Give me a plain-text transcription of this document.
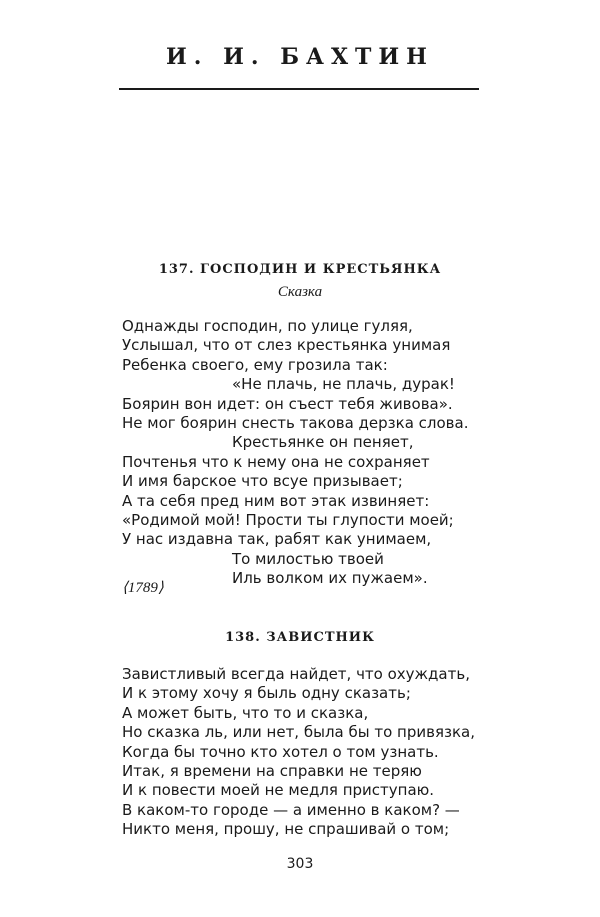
И. И. БАХТИН
137. ГОСПОДИН И КРЕСТЬЯНКА
Сказка
Однажды господин, по улице гуляя,
Услышал, что от слез крестьянка унимая
Ребенка своего, ему грозила так:
«Не плачь, не плачь, дурак!
Боярин вон идет: он съест тебя живова».
Не мог боярин снесть такова дерзка слова.
Крестьянке он пеняет,
Почтенья что к нему она не сохраняет
И имя барское что всуе призывает;
А та себя пред ним вот этак извиняет:
«Родимой мой! Прости ты глупости моей;
У нас издавна так, рабят как унимаем,
То милостью твоей
Иль волком их пужаем».
⟨1789⟩
138. ЗАВИСТНИК
Завистливый всегда найдет, что охуждать,
И к этому хочу я быль одну сказать;
А может быть, что то и сказка,
Но сказка ль, или нет, была бы то привязка,
Когда бы точно кто хотел о том узнать.
Итак, я времени на справки не теряю
И к повести моей не медля приступаю.
В каком-то городе — а именно в каком? —
Никто меня, прошу, не спрашивай о том;
303
